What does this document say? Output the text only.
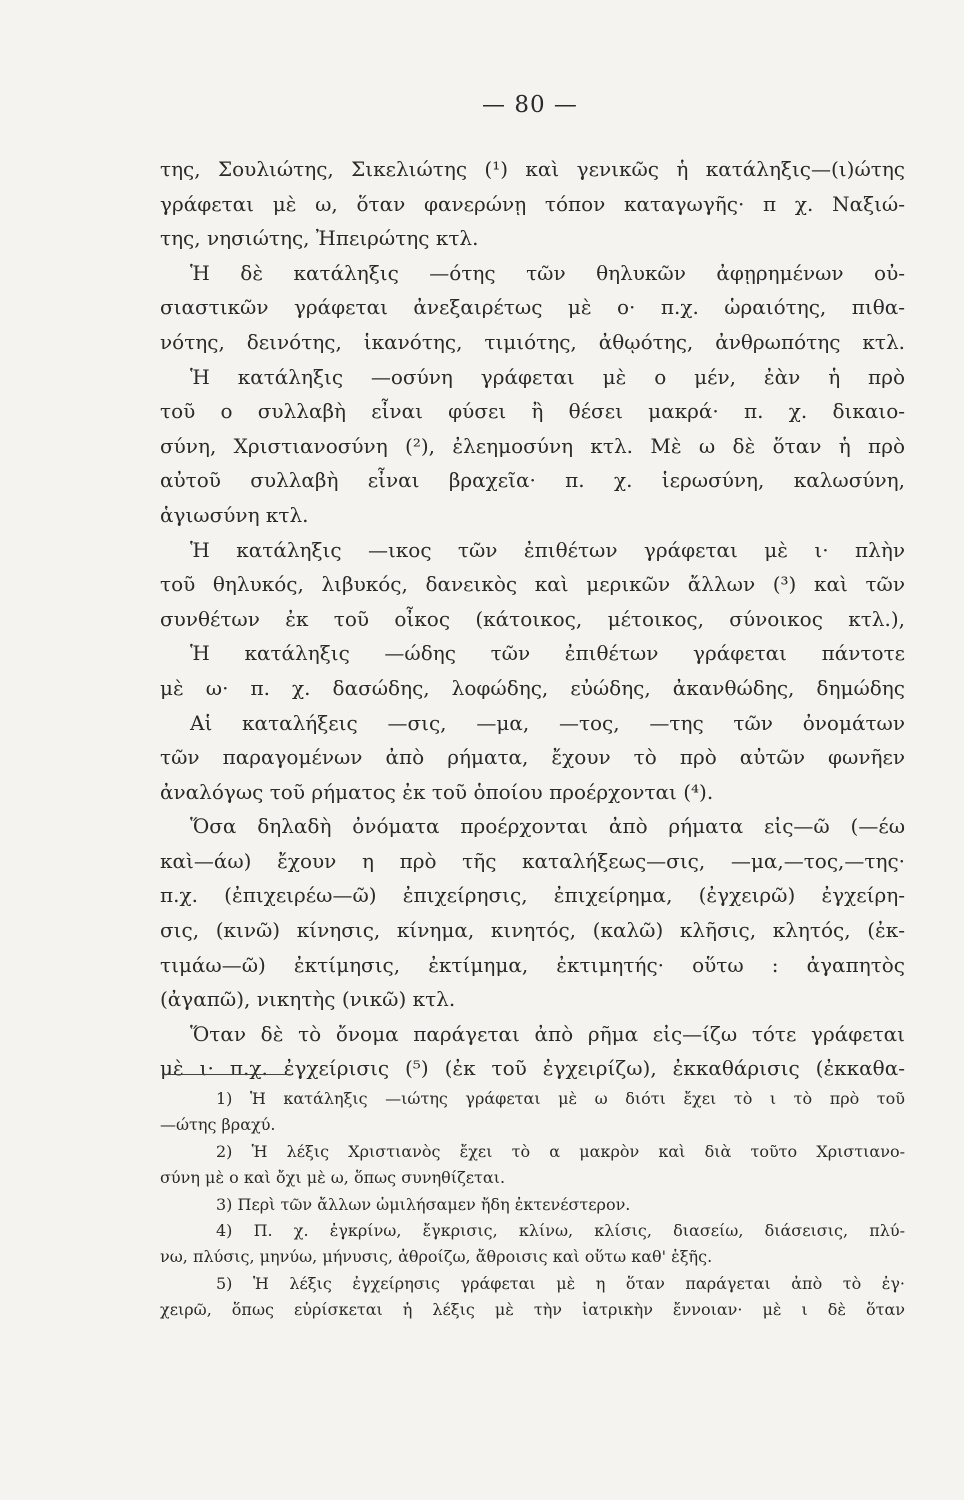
— 80 —
της, Σουλιώτης, Σικελιώτης (¹) καὶ γενικῶς ἡ κατάληξις—(ι)ώτης
γράφεται μὲ ω, ὅταν φανερώνῃ τόπον καταγωγῆς· π χ. Ναξιώ-
της, νησιώτης, Ἠπειρώτης κτλ.
Ἡ δὲ κατάληξις —ότης τῶν θηλυκῶν ἀφῃρημένων οὐ-
σιαστικῶν γράφεται ἀνεξαιρέτως μὲ ο· π.χ. ὡραιότης, πιθα-
νότης, δεινότης, ἱκανότης, τιμιότης, ἀθῳότης, ἀνθρωπότης κτλ.
Ἡ κατάληξις —οσύνη γράφεται μὲ ο μέν, ἐὰν ἡ πρὸ
τοῦ ο συλλαβὴ εἶναι φύσει ἢ θέσει μακρά· π. χ. δικαιο-
σύνη, Χριστιανοσύνη (²), ἐλεημοσύνη κτλ. Μὲ ω δὲ ὅταν ἡ πρὸ
αὐτοῦ συλλαβὴ εἶναι βραχεῖα· π. χ. ἱερωσύνη, καλωσύνη,
ἁγιωσύνη κτλ.
Ἡ κατάληξις —ικος τῶν ἐπιθέτων γράφεται μὲ ι· πλὴν
τοῦ θηλυκός, λιβυκός, δανεικὸς καὶ μερικῶν ἄλλων (³) καὶ τῶν
συνθέτων ἐκ τοῦ οἶκος (κάτοικος, μέτοικος, σύνοικος κτλ.),
Ἡ κατάληξις —ώδης τῶν ἐπιθέτων γράφεται πάντοτε
μὲ ω· π. χ. δασώδης, λοφώδης, εὐώδης, ἀκανθώδης, δημώδης
Αἱ καταλήξεις —σις, —μα, —τος, —της τῶν ὀνομάτων
τῶν παραγομένων ἀπὸ ρήματα, ἔχουν τὸ πρὸ αὐτῶν φωνῆεν
ἀναλόγως τοῦ ρήματος ἐκ τοῦ ὁποίου προέρχονται (⁴).
Ὅσα δηλαδὴ ὀνόματα προέρχονται ἀπὸ ρήματα εἰς—ῶ (—έω
καὶ—άω) ἔχουν η πρὸ τῆς καταλήξεως—σις, —μα,—τος,—της·
π.χ. (ἐπιχειρέω—ῶ) ἐπιχείρησις, ἐπιχείρημα, (ἐγχειρῶ) ἐγχείρη-
σις, (κινῶ) κίνησις, κίνημα, κινητός, (καλῶ) κλῆσις, κλητός, (ἐκ-
τιμάω—ῶ) ἐκτίμησις, ἐκτίμημα, ἐκτιμητής· οὕτω : ἀγαπητὸς
(ἀγαπῶ), νικητὴς (νικῶ) κτλ.
Ὅταν δὲ τὸ ὄνομα παράγεται ἀπὸ ρῆμα εἰς—ίζω τότε γράφεται
μὲ ι· π.χ. ἐγχείρισις (⁵) (ἐκ τοῦ ἐγχειρίζω), ἐκκαθάρισις (ἐκκαθα-
1) Ἡ κατάληξις —ιώτης γράφεται μὲ ω διότι ἔχει τὸ ι τὸ πρὸ τοῦ
—ώτης βραχύ.
2) Ἡ λέξις Χριστιανὸς ἔχει τὸ α μακρὸν καὶ διὰ τοῦτο Χριστιανο-
σύνη μὲ ο καὶ ὄχι μὲ ω, ὅπως συνηθίζεται.
3) Περὶ τῶν ἄλλων ὡμιλήσαμεν ἤδη ἐκτενέστερον.
4) Π. χ. ἐγκρίνω, ἔγκρισις, κλίνω, κλίσις, διασείω, διάσεισις, πλύ-
νω, πλύσις, μηνύω, μήνυσις, ἀθροίζω, ἄθροισις καὶ οὕτω καθ' ἑξῆς.
5) Ἡ λέξις ἐγχείρησις γράφεται μὲ η ὅταν παράγεται ἀπὸ τὸ ἐγ·
χειρῶ, ὅπως εὑρίσκεται ἡ λέξις μὲ τὴν ἰατρικὴν ἔννοιαν· μὲ ι δὲ ὅταν
